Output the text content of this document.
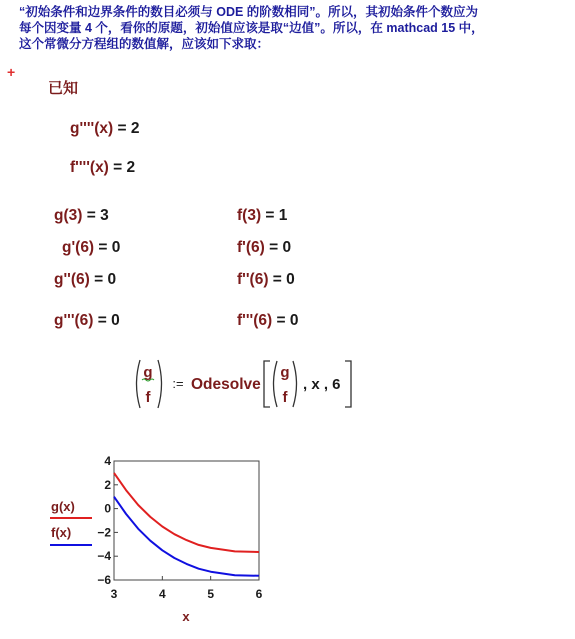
“初始条件和边界条件的数目必须与 ODE 的阶数相同”。所以，其初始条件个数应为
每个因变量 4 个，看你的原题，初始值应该是取“边值”。所以，在 mathcad 15 中，
这个常微分方程组的数值解，应该如下求取：
+
已知
g''''(x) = 2
f''''(x) = 2
g(3) = 3	f(3) = 1
g'(6) = 0	f'(6) = 0
g''(6) = 0	f''(6) = 0
g'''(6) = 0	f'''(6) = 0
g
f
:= Odesolve
g
f
, x , 6
3	4	5	6
−6
−4
−2
0
2
4
g(x)
f(x)
x
